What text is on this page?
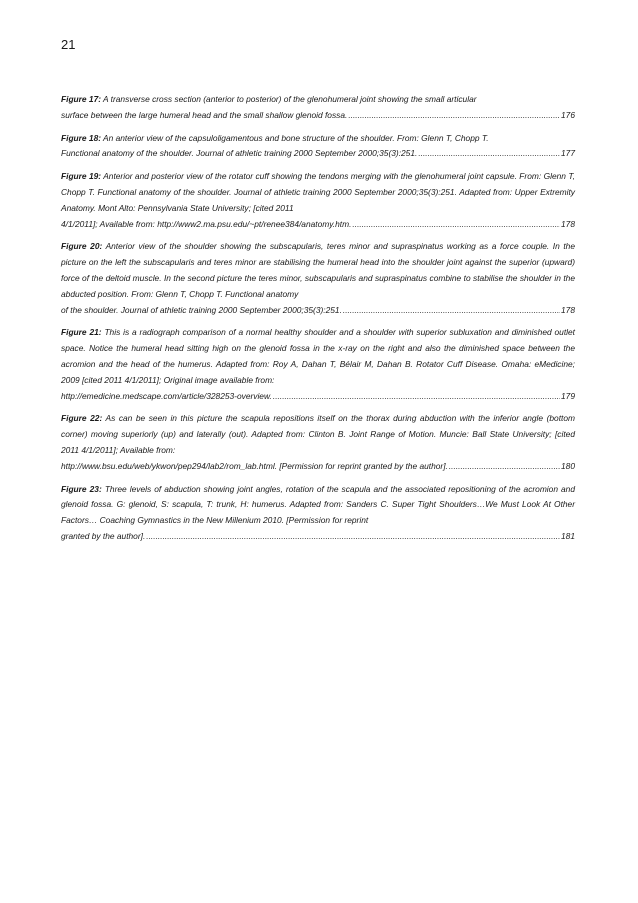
21
Figure 17: A transverse cross section (anterior to posterior) of the glenohumeral joint showing the small articular
surface between the large humeral head and the small shallow glenoid fossa. .....	176
Figure 18: An anterior view of the capsuloligamentous and bone structure of the shoulder. From: Glenn T, Chopp T.
Functional anatomy of the shoulder. Journal of athletic training 2000 September 2000;35(3):251. .....	177
Figure 19: Anterior and posterior view of the rotator cuff showing the tendons merging with the glenohumeral joint capsule. From: Glenn T, Chopp T. Functional anatomy of the shoulder. Journal of athletic training 2000 September 2000;35(3):251. Adapted from: Upper Extremity Anatomy. Mont Alto: Pennsylvania State University; [cited 2011
4/1/2011]; Available from: http://www2.ma.psu.edu/~pt/renee384/anatomy.htm. .....	178
Figure 20: Anterior view of the shoulder showing the subscapularis, teres minor and supraspinatus working as a force couple. In the picture on the left the subscapularis and teres minor are stabilising the humeral head into the shoulder joint against the superior (upward) force of the deltoid muscle. In the second picture the teres minor, subscapularis and supraspinatus combine to stabilise the shoulder in the abducted position. From: Glenn T, Chopp T. Functional anatomy
of the shoulder. Journal of athletic training 2000 September 2000;35(3):251. .....	178
Figure 21: This is a radiograph comparison of a normal healthy shoulder and a shoulder with superior subluxation and diminished outlet space. Notice the humeral head sitting high on the glenoid fossa in the x-ray on the right and also the diminished space between the acromion and the head of the humerus. Adapted from: Roy A, Dahan T, Bélair M, Dahan B. Rotator Cuff Disease. Omaha: eMedicine; 2009 [cited 2011 4/1/2011]; Original image available from:
http://emedicine.medscape.com/article/328253-overview. .....	179
Figure 22: As can be seen in this picture the scapula repositions itself on the thorax during abduction with the inferior angle (bottom corner) moving superiorly (up) and laterally (out). Adapted from: Clinton B. Joint Range of Motion. Muncie: Ball State University; [cited 2011 4/1/2011]; Available from:
http://www.bsu.edu/web/ykwon/pep294/lab2/rom_lab.html. [Permission for reprint granted by the author]. .....	180
Figure 23: Three levels of abduction showing joint angles, rotation of the scapula and the associated repositioning of the acromion and glenoid fossa. G: glenoid, S: scapula, T: trunk, H: humerus. Adapted from: Sanders C. Super Tight Shoulders…We Must Look At Other Factors… Coaching Gymnastics in the New Millenium 2010. [Permission for reprint
granted by the author]. .....	181
